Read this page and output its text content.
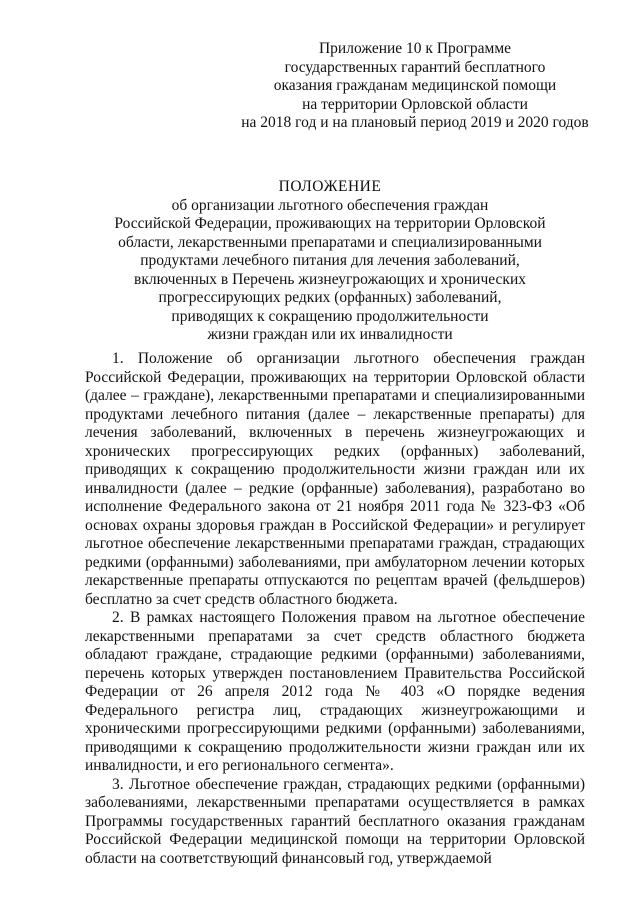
Приложение 10 к Программе
государственных гарантий бесплатного
оказания гражданам медицинской помощи
на территории Орловской области
на 2018 год и на плановый период 2019 и 2020 годов
ПОЛОЖЕНИЕ
об организации льготного обеспечения граждан
Российской Федерации, проживающих на территории Орловской
области, лекарственными препаратами и специализированными
продуктами лечебного питания для лечения заболеваний,
включенных в Перечень жизнеугрожающих и хронических
прогрессирующих редких (орфанных) заболеваний,
приводящих к сокращению продолжительности
жизни граждан или их инвалидности

1. Положение об организации льготного обеспечения граждан Российской Федерации, проживающих на территории Орловской области (далее – граждане), лекарственными препаратами и специализированными продуктами лечебного питания (далее – лекарственные препараты) для лечения заболеваний, включенных в перечень жизнеугрожающих и хронических прогрессирующих редких (орфанных) заболеваний, приводящих к сокращению продолжительности жизни граждан или их инвалидности (далее – редкие (орфанные) заболевания), разработано во исполнение Федерального закона от 21 ноября 2011 года № 323-ФЗ «Об основах охраны здоровья граждан в Российской Федерации» и регулирует льготное обеспечение лекарственными препаратами граждан, страдающих редкими (орфанными) заболеваниями, при амбулаторном лечении которых лекарственные препараты отпускаются по рецептам врачей (фельдшеров) бесплатно за счет средств областного бюджета.

2. В рамках настоящего Положения правом на льготное обеспечение лекарственными препаратами за счет средств областного бюджета обладают граждане, страдающие редкими (орфанными) заболеваниями, перечень которых утвержден постановлением Правительства Российской Федерации от 26 апреля 2012 года № 403 «О порядке ведения Федерального регистра лиц, страдающих жизнеугрожающими и хроническими прогрессирующими редкими (орфанными) заболеваниями, приводящими к сокращению продолжительности жизни граждан или их инвалидности, и его регионального сегмента».

3. Льготное обеспечение граждан, страдающих редкими (орфанными) заболеваниями, лекарственными препаратами осуществляется в рамках Программы государственных гарантий бесплатного оказания гражданам Российской Федерации медицинской помощи на территории Орловской области на соответствующий финансовый год, утверждаемой
